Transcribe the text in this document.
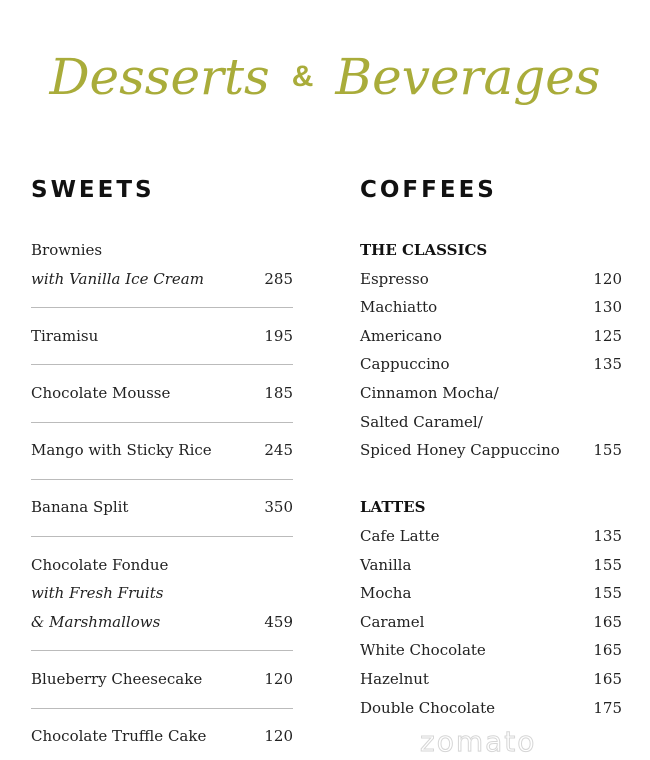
Desserts & Beverages
SWEETS
Brownies
with Vanilla Ice Cream	285
Tiramisu	195
Chocolate Mousse	185
Mango with Sticky Rice	245
Banana Split	350
Chocolate Fondue
with Fresh Fruits
& Marshmallows	459
Blueberry Cheesecake	120
Chocolate Truffle Cake	120
COFFEES
THE CLASSICS
Espresso	120
Machiatto	130
Americano	125
Cappuccino	135
Cinnamon Mocha/
Salted Caramel/
Spiced Honey Cappuccino 155
LATTES
Cafe Latte	135
Vanilla	155
Mocha	155
Caramel	165
White Chocolate	165
Hazelnut	165
Double Chocolate	175
zomato
